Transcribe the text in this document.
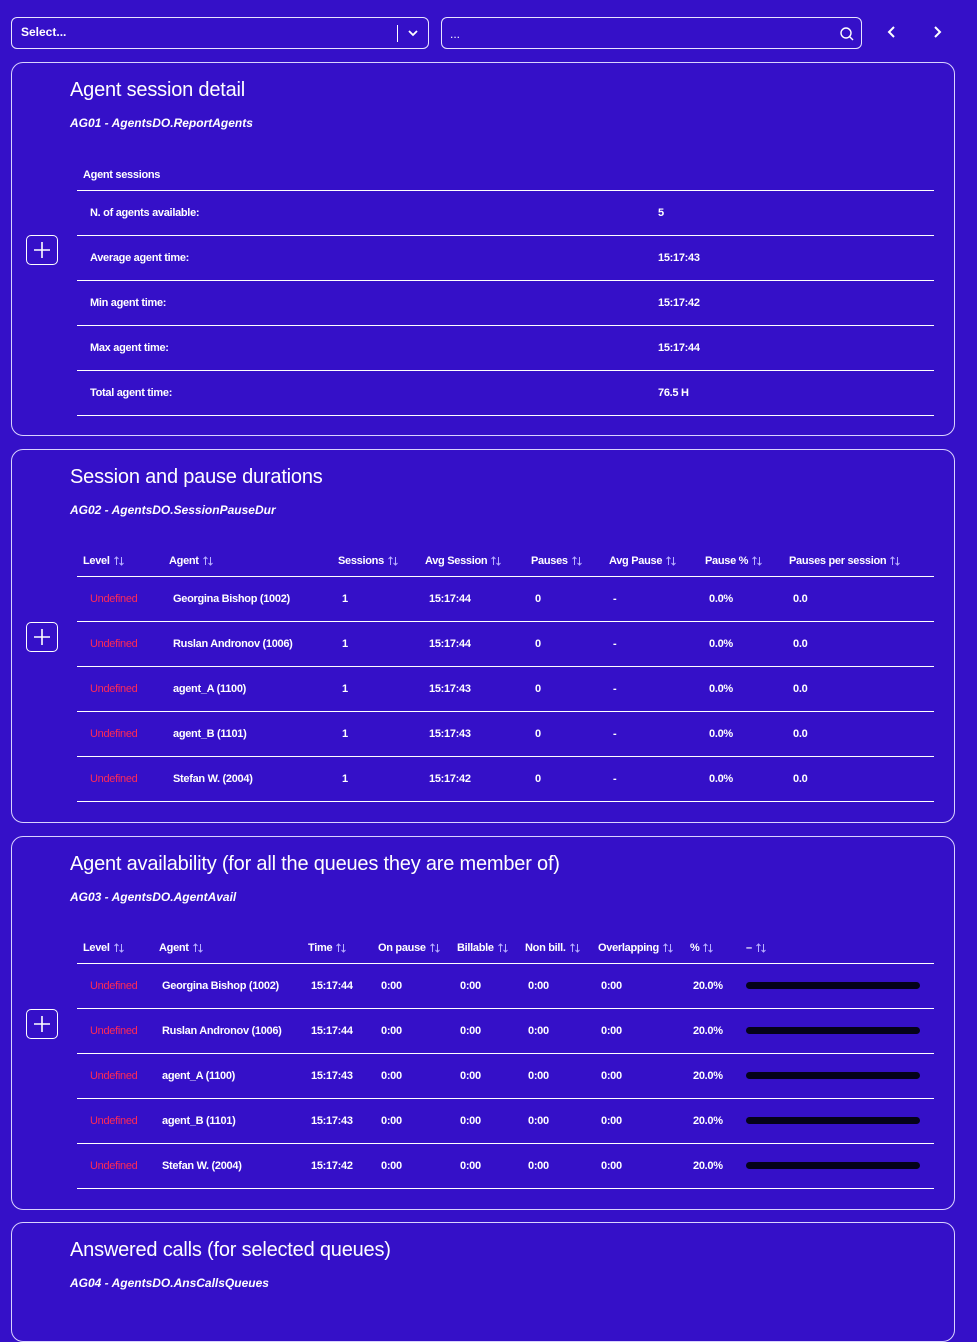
Select...	...
Agent session detail
AG01 - AgentsDO.ReportAgents
Agent sessions	
N. of agents available:	5
Average agent time:	15:17:43
Min agent time:	15:17:42
Max agent time:	15:17:44
Total agent time:	76.5 H
Session and pause durations
AG02 - AgentsDO.SessionPauseDur
Level	Agent	Sessions	Avg Session	Pauses	Avg Pause	Pause %	Pauses per session
Undefined	Georgina Bishop (1002)	1	15:17:44	0	-	0.0%	0.0
Undefined	Ruslan Andronov (1006)	1	15:17:44	0	-	0.0%	0.0
Undefined	agent_A (1100)	1	15:17:43	0	-	0.0%	0.0
Undefined	agent_B (1101)	1	15:17:43	0	-	0.0%	0.0
Undefined	Stefan W. (2004)	1	15:17:42	0	-	0.0%	0.0
Agent availability (for all the queues they are member of)
AG03 - AgentsDO.AgentAvail
Level	Agent	Time	On pause	Billable	Non bill.	Overlapping	%	–
Undefined	Georgina Bishop (1002)	15:17:44	0:00	0:00	0:00	0:00	20.0%	

Undefined	Ruslan Andronov (1006)	15:17:44	0:00	0:00	0:00	0:00	20.0%	

Undefined	agent_A (1100)	15:17:43	0:00	0:00	0:00	0:00	20.0%	

Undefined	agent_B (1101)	15:17:43	0:00	0:00	0:00	0:00	20.0%	

Undefined	Stefan W. (2004)	15:17:42	0:00	0:00	0:00	0:00	20.0%	
Answered calls (for selected queues)
AG04 - AgentsDO.AnsCallsQueues
